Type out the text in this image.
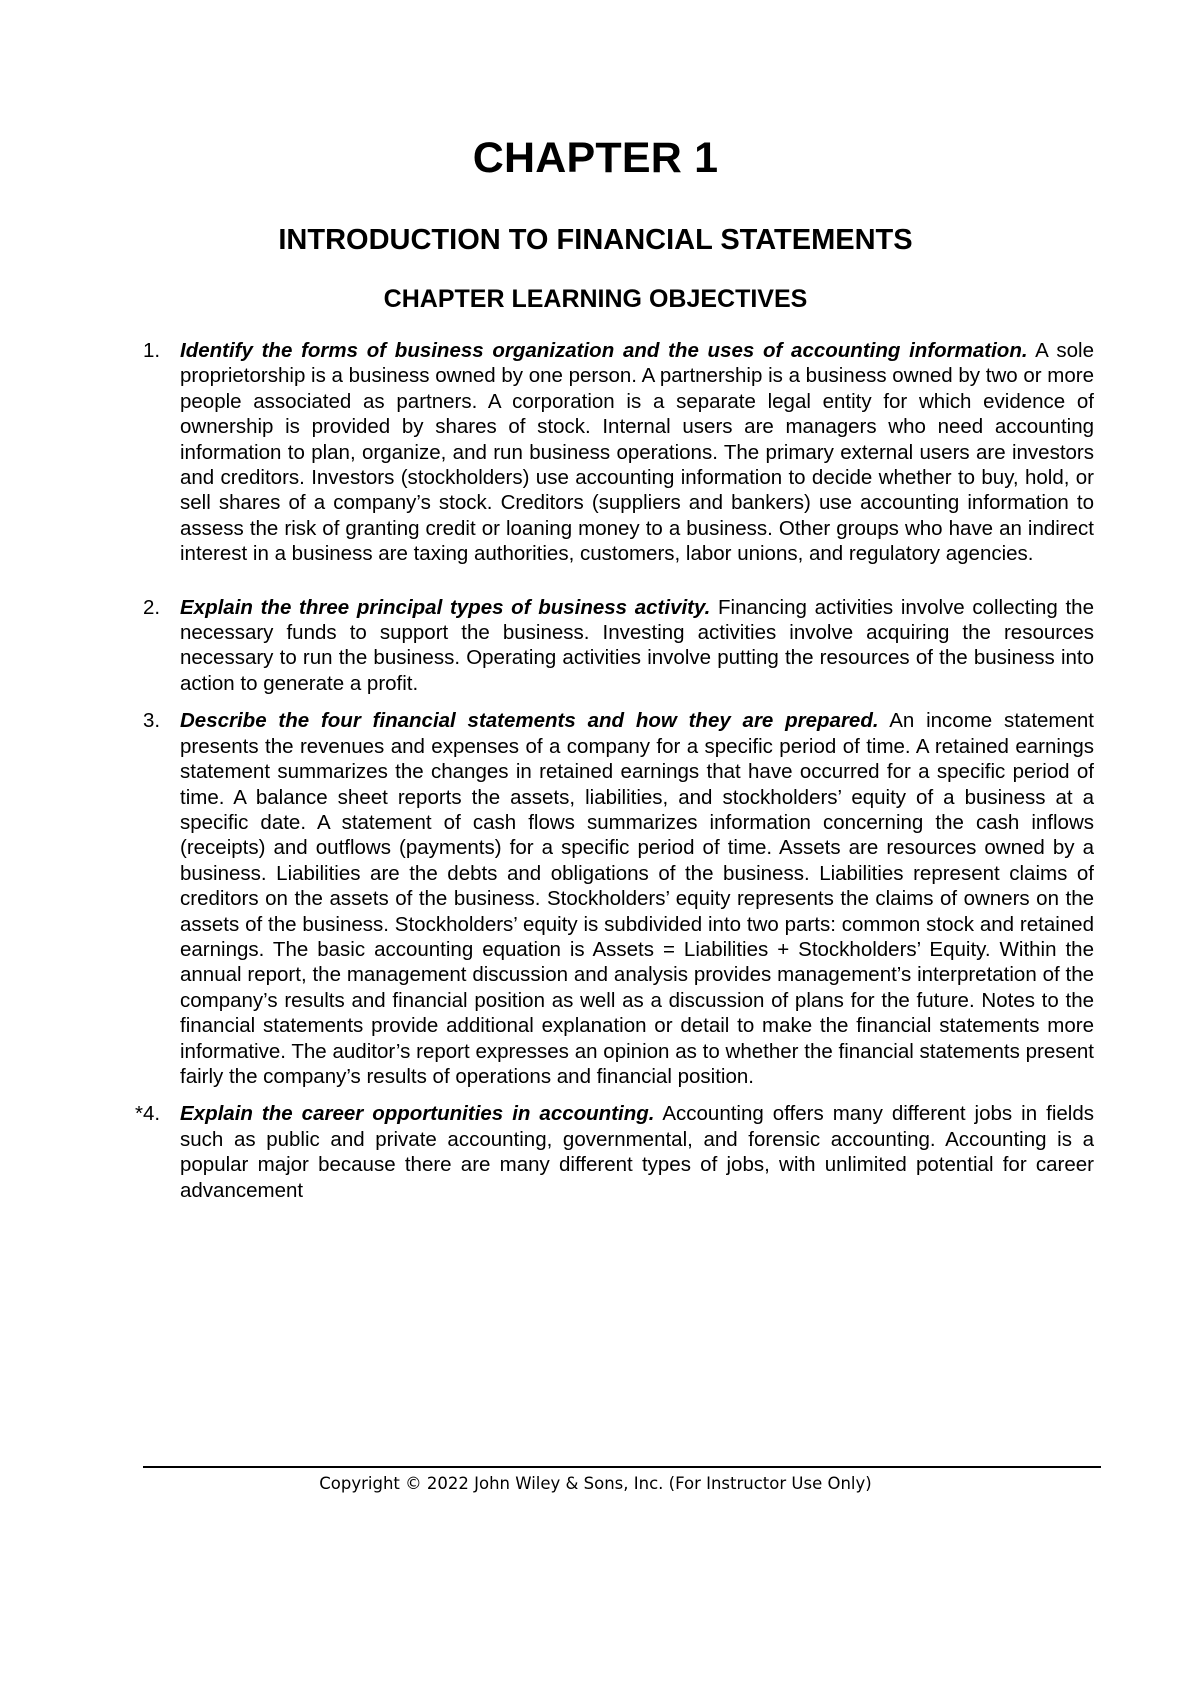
CHAPTER 1
INTRODUCTION TO FINANCIAL STATEMENTS
CHAPTER LEARNING OBJECTIVES
1. Identify the forms of business organization and the uses of accounting information. A sole proprietorship is a business owned by one person. A partnership is a business owned by two or more people associated as partners. A corporation is a separate legal entity for which evidence of ownership is provided by shares of stock. Internal users are managers who need accounting information to plan, organize, and run business operations. The primary external users are investors and creditors. Investors (stockholders) use accounting information to decide whether to buy, hold, or sell shares of a company’s stock. Creditors (suppliers and bankers) use accounting information to assess the risk of granting credit or loaning money to a business. Other groups who have an indirect interest in a business are taxing authorities, customers, labor unions, and regulatory agencies.
2. Explain the three principal types of business activity. Financing activities involve collecting the necessary funds to support the business. Investing activities involve acquiring the resources necessary to run the business. Operating activities involve putting the resources of the business into action to generate a profit.
3. Describe the four financial statements and how they are prepared. An income statement presents the revenues and expenses of a company for a specific period of time. A retained earnings statement summarizes the changes in retained earnings that have occurred for a specific period of time. A balance sheet reports the assets, liabilities, and stockholders’ equity of a business at a specific date. A statement of cash flows summarizes information concerning the cash inflows (receipts) and outflows (payments) for a specific period of time. Assets are resources owned by a business. Liabilities are the debts and obligations of the business. Liabilities represent claims of creditors on the assets of the business. Stockholders’ equity represents the claims of owners on the assets of the business. Stockholders’ equity is subdivided into two parts: common stock and retained earnings. The basic accounting equation is Assets = Liabilities + Stockholders’ Equity. Within the annual report, the management discussion and analysis provides management’s interpretation of the company’s results and financial position as well as a discussion of plans for the future. Notes to the financial statements provide additional explanation or detail to make the financial statements more informative. The auditor’s report expresses an opinion as to whether the financial statements present fairly the company’s results of operations and financial position.
*4. Explain the career opportunities in accounting. Accounting offers many different jobs in fields such as public and private accounting, governmental, and forensic accounting. Accounting is a popular major because there are many different types of jobs, with unlimited potential for career advancement
Copyright © 2022 John Wiley & Sons, Inc. (For Instructor Use Only)
